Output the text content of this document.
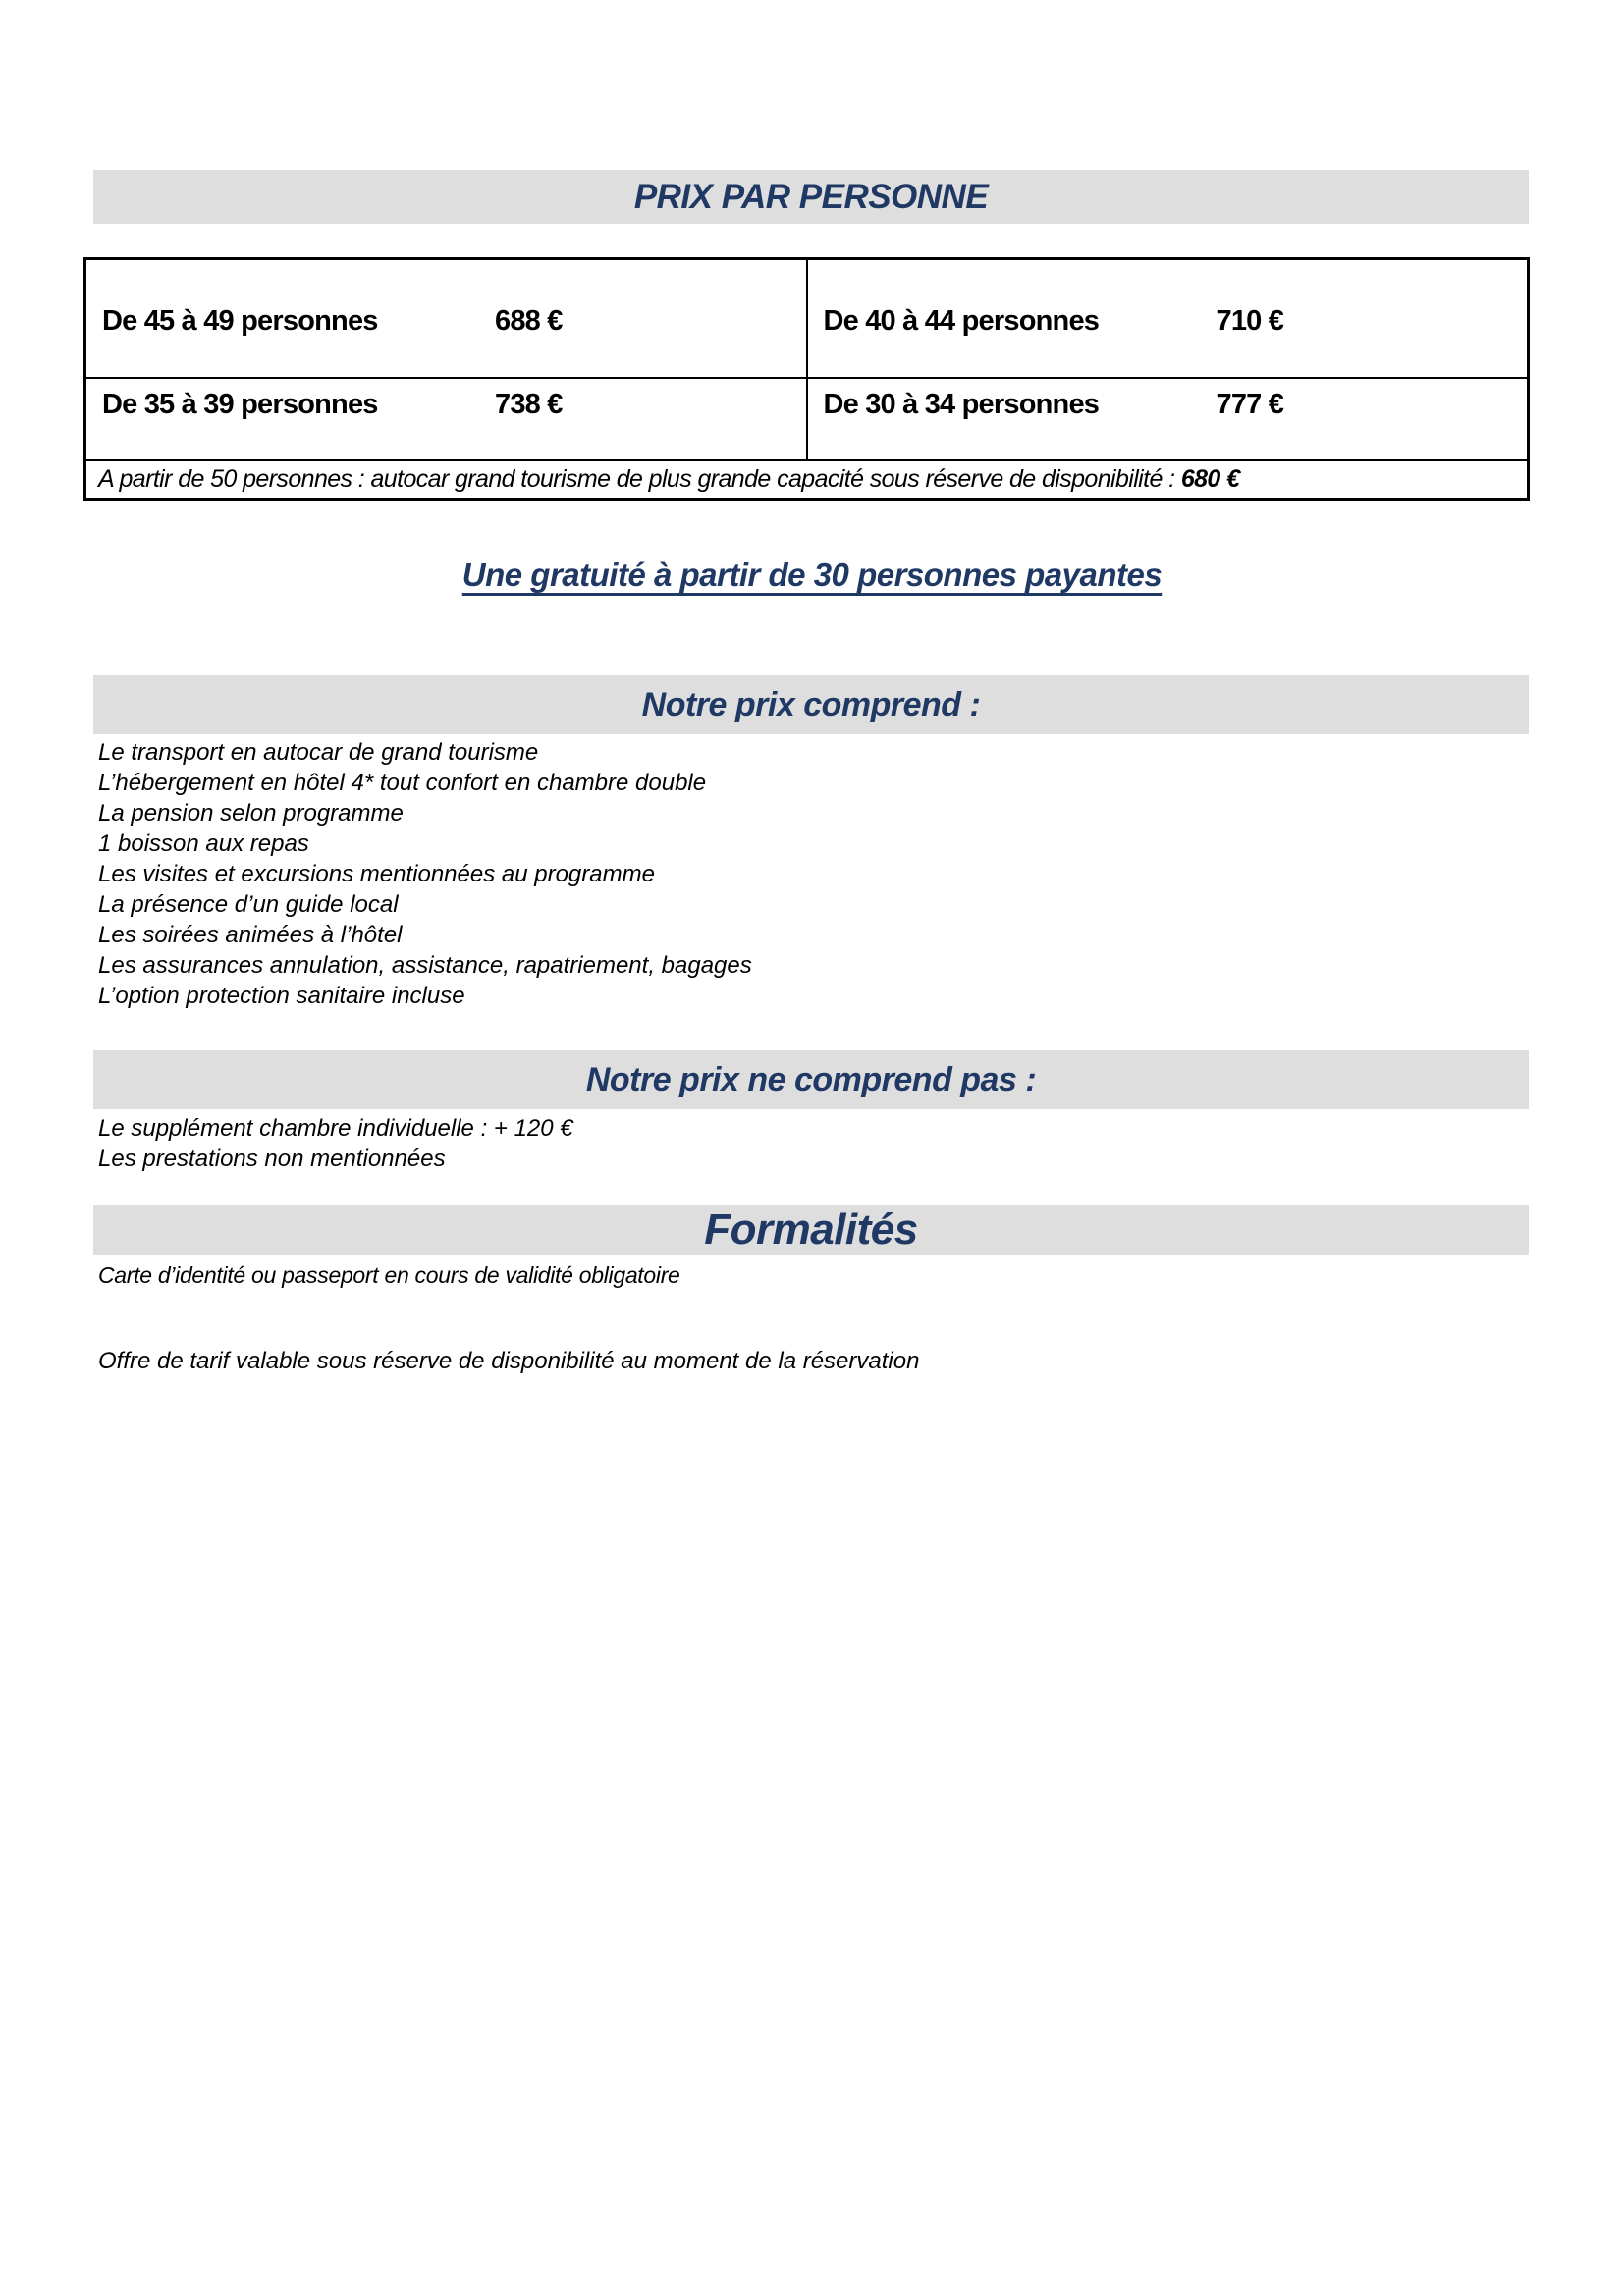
PRIX PAR PERSONNE
De 45 à 49 personnes 688 €	De 40 à 44 personnes 710 €

De 35 à 39 personnes 738 €	De 30 à 34 personnes 777 €

A partir de 50 personnes : autocar grand tourisme de plus grande capacité sous réserve de disponibilité : 680 €	
Une gratuité à partir de 30 personnes payantes
Notre prix comprend :
Le transport en autocar de grand tourisme
L’hébergement en hôtel 4* tout confort en chambre double
La pension selon programme
1 boisson aux repas
Les visites et excursions mentionnées au programme
La présence d’un guide local
Les soirées animées à l’hôtel
Les assurances annulation, assistance, rapatriement, bagages
L’option protection sanitaire incluse
Notre prix ne comprend pas :
Le supplément chambre individuelle : + 120 €
Les prestations non mentionnées
Formalités
Carte d’identité ou passeport en cours de validité obligatoire
Offre de tarif valable sous réserve de disponibilité au moment de la réservation
